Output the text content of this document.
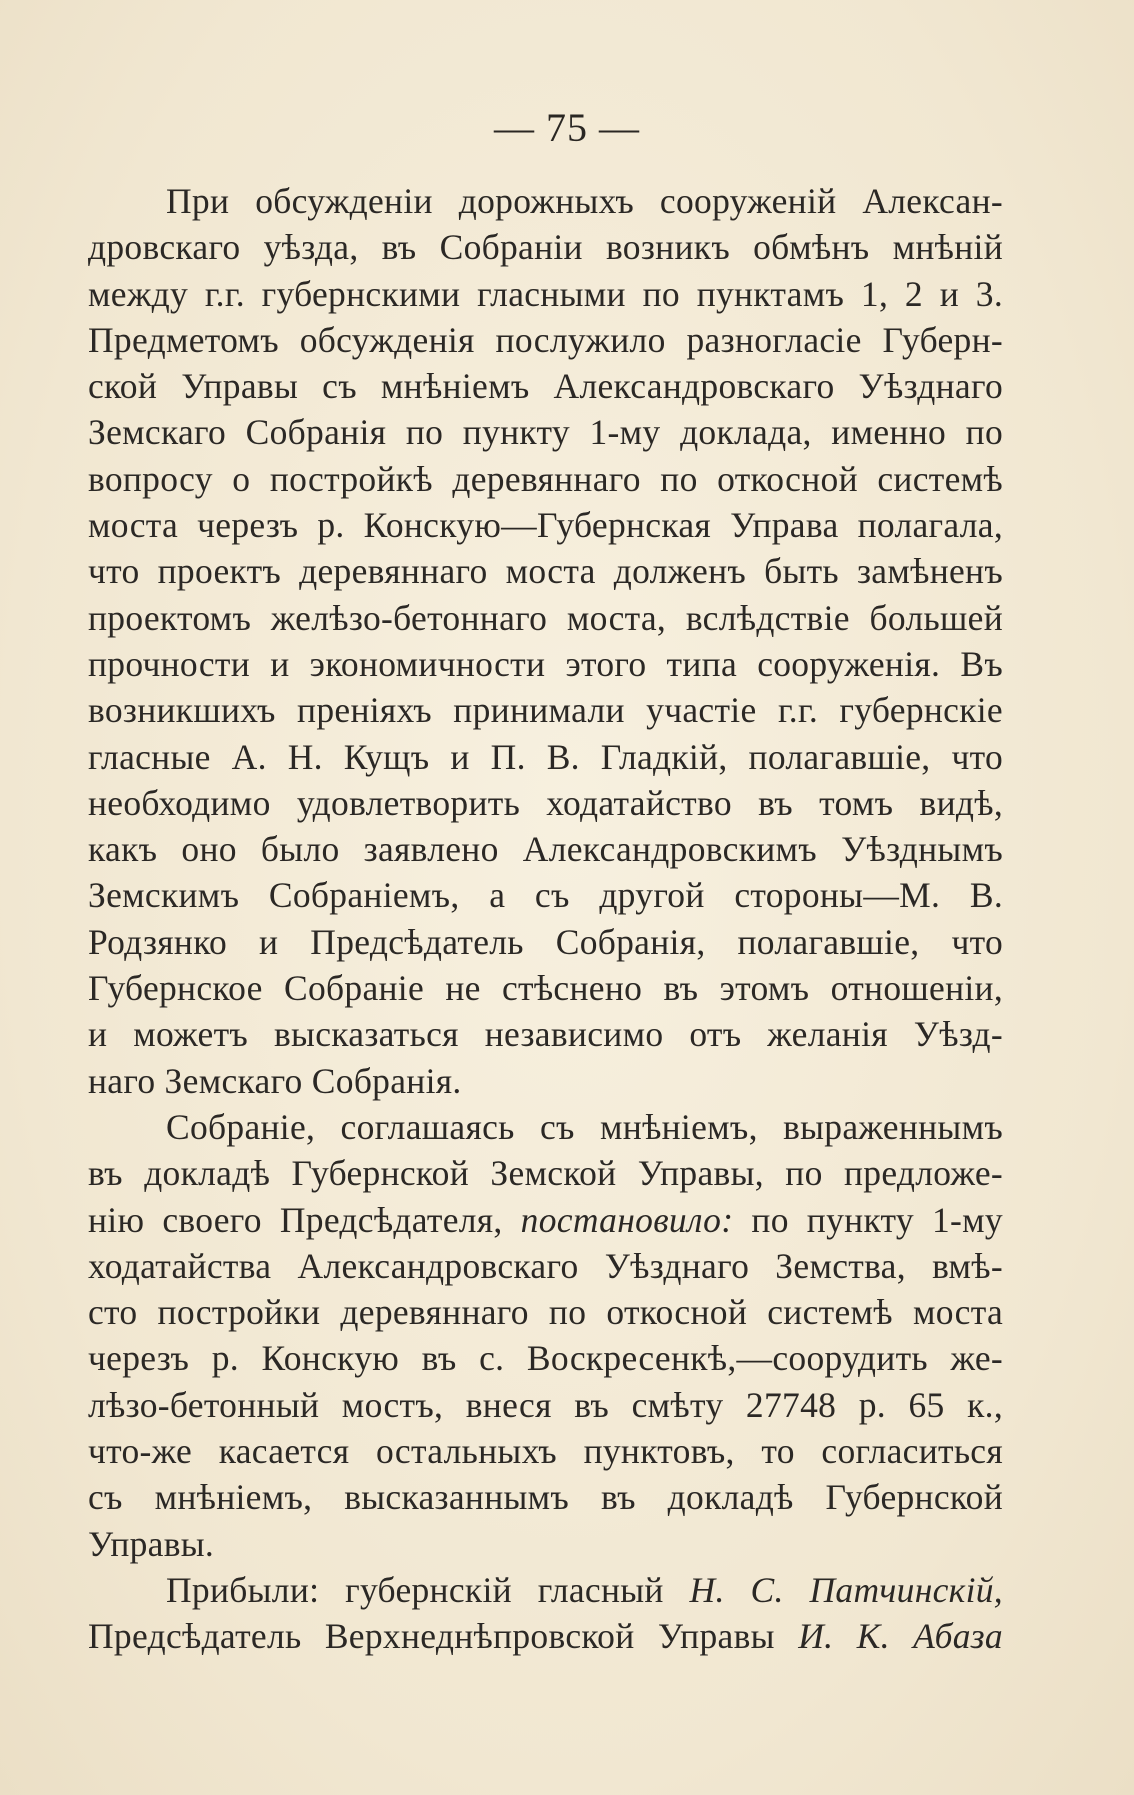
— 75 —
При обсужденіи дорожныхъ сооруженій Алексан-
дровскаго уѣзда, въ Собраніи возникъ обмѣнъ мнѣній
между г.г. губернскими гласными по пунктамъ 1, 2 и 3.
Предметомъ обсужденія послужило разногласіе Губерн-
ской Управы съ мнѣніемъ Александровскаго Уѣзднаго
Земскаго Собранія по пункту 1-му доклада, именно по
вопросу о постройкѣ деревяннаго по откосной системѣ
моста черезъ р. Конскую—Губернская Управа полагала,
что проектъ деревяннаго моста долженъ быть замѣненъ
проектомъ желѣзо-бетоннаго моста, вслѣдствіе большей
прочности и экономичности этого типа сооруженія. Въ
возникшихъ преніяхъ принимали участіе г.г. губернскіе
гласные А. Н. Кущъ и П. В. Гладкій, полагавшіе, что
необходимо удовлетворить ходатайство въ томъ видѣ,
какъ оно было заявлено Александровскимъ Уѣзднымъ
Земскимъ Собраніемъ, а съ другой стороны—М. В.
Родзянко и Предсѣдатель Собранія, полагавшіе, что
Губернское Собраніе не стѣснено въ этомъ отношеніи,
и можетъ высказаться независимо отъ желанія Уѣзд-
наго Земскаго Собранія.
Собраніе, соглашаясь съ мнѣніемъ, выраженнымъ
въ докладѣ Губернской Земской Управы, по предложе-
нію своего Предсѣдателя, постановило: по пункту 1-му
ходатайства Александровскаго Уѣзднаго Земства, вмѣ-
сто постройки деревяннаго по откосной системѣ моста
черезъ р. Конскую въ с. Воскресенкѣ,—соорудить же-
лѣзо-бетонный мостъ, внеся въ смѣту 27748 р. 65 к.,
что-же касается остальныхъ пунктовъ, то согласиться
съ мнѣніемъ, высказаннымъ въ докладѣ Губернской
Управы.
Прибыли: губернскій гласный Н. С. Патчинскій,
Предсѣдатель Верхнеднѣпровской Управы И. К. Абаза
